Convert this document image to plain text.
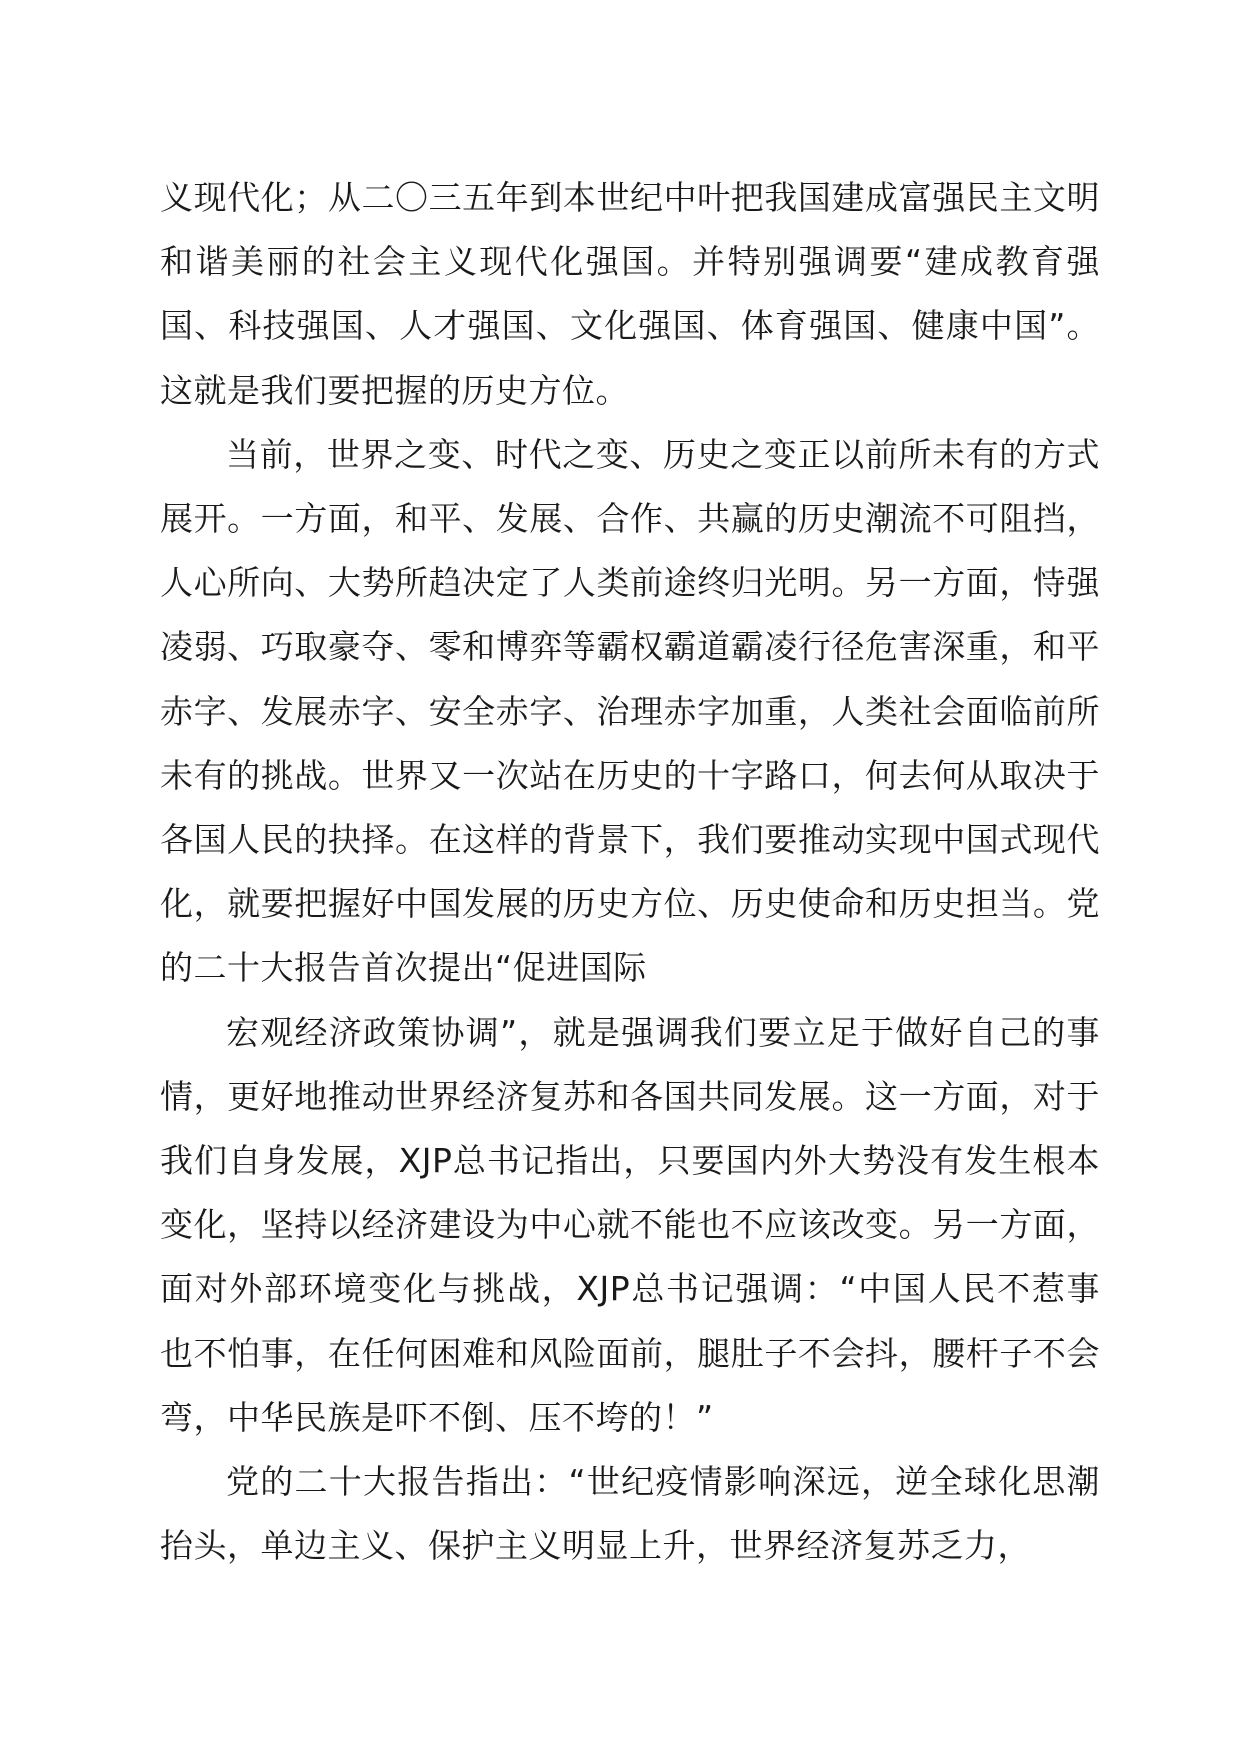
义现代化；从二〇三五年到本世纪中叶把我国建成富强民主文明和谐美丽的社会主义现代化强国。并特别强调要“建成教育强国、科技强国、人才强国、文化强国、体育强国、健康中国”。这就是我们要把握的历史方位。

当前，世界之变、时代之变、历史之变正以前所未有的方式展开。一方面，和平、发展、合作、共赢的历史潮流不可阻挡，人心所向、大势所趋决定了人类前途终归光明。另一方面，恃强凌弱、巧取豪夺、零和博弈等霸权霸道霸凌行径危害深重，和平赤字、发展赤字、安全赤字、治理赤字加重，人类社会面临前所未有的挑战。世界又一次站在历史的十字路口，何去何从取决于各国人民的抉择。在这样的背景下，我们要推动实现中国式现代化，就要把握好中国发展的历史方位、历史使命和历史担当。党的二十大报告首次提出“促进国际

宏观经济政策协调”，就是强调我们要立足于做好自己的事情，更好地推动世界经济复苏和各国共同发展。这一方面，对于我们自身发展，XJP总书记指出，只要国内外大势没有发生根本变化，坚持以经济建设为中心就不能也不应该改变。另一方面，面对外部环境变化与挑战，XJP总书记强调：“中国人民不惹事也不怕事，在任何困难和风险面前，腿肚子不会抖，腰杆子不会弯，中华民族是吓不倒、压不垮的！”

党的二十大报告指出：“世纪疫情影响深远，逆全球化思潮抬头，单边主义、保护主义明显上升，世界经济复苏乏力，
